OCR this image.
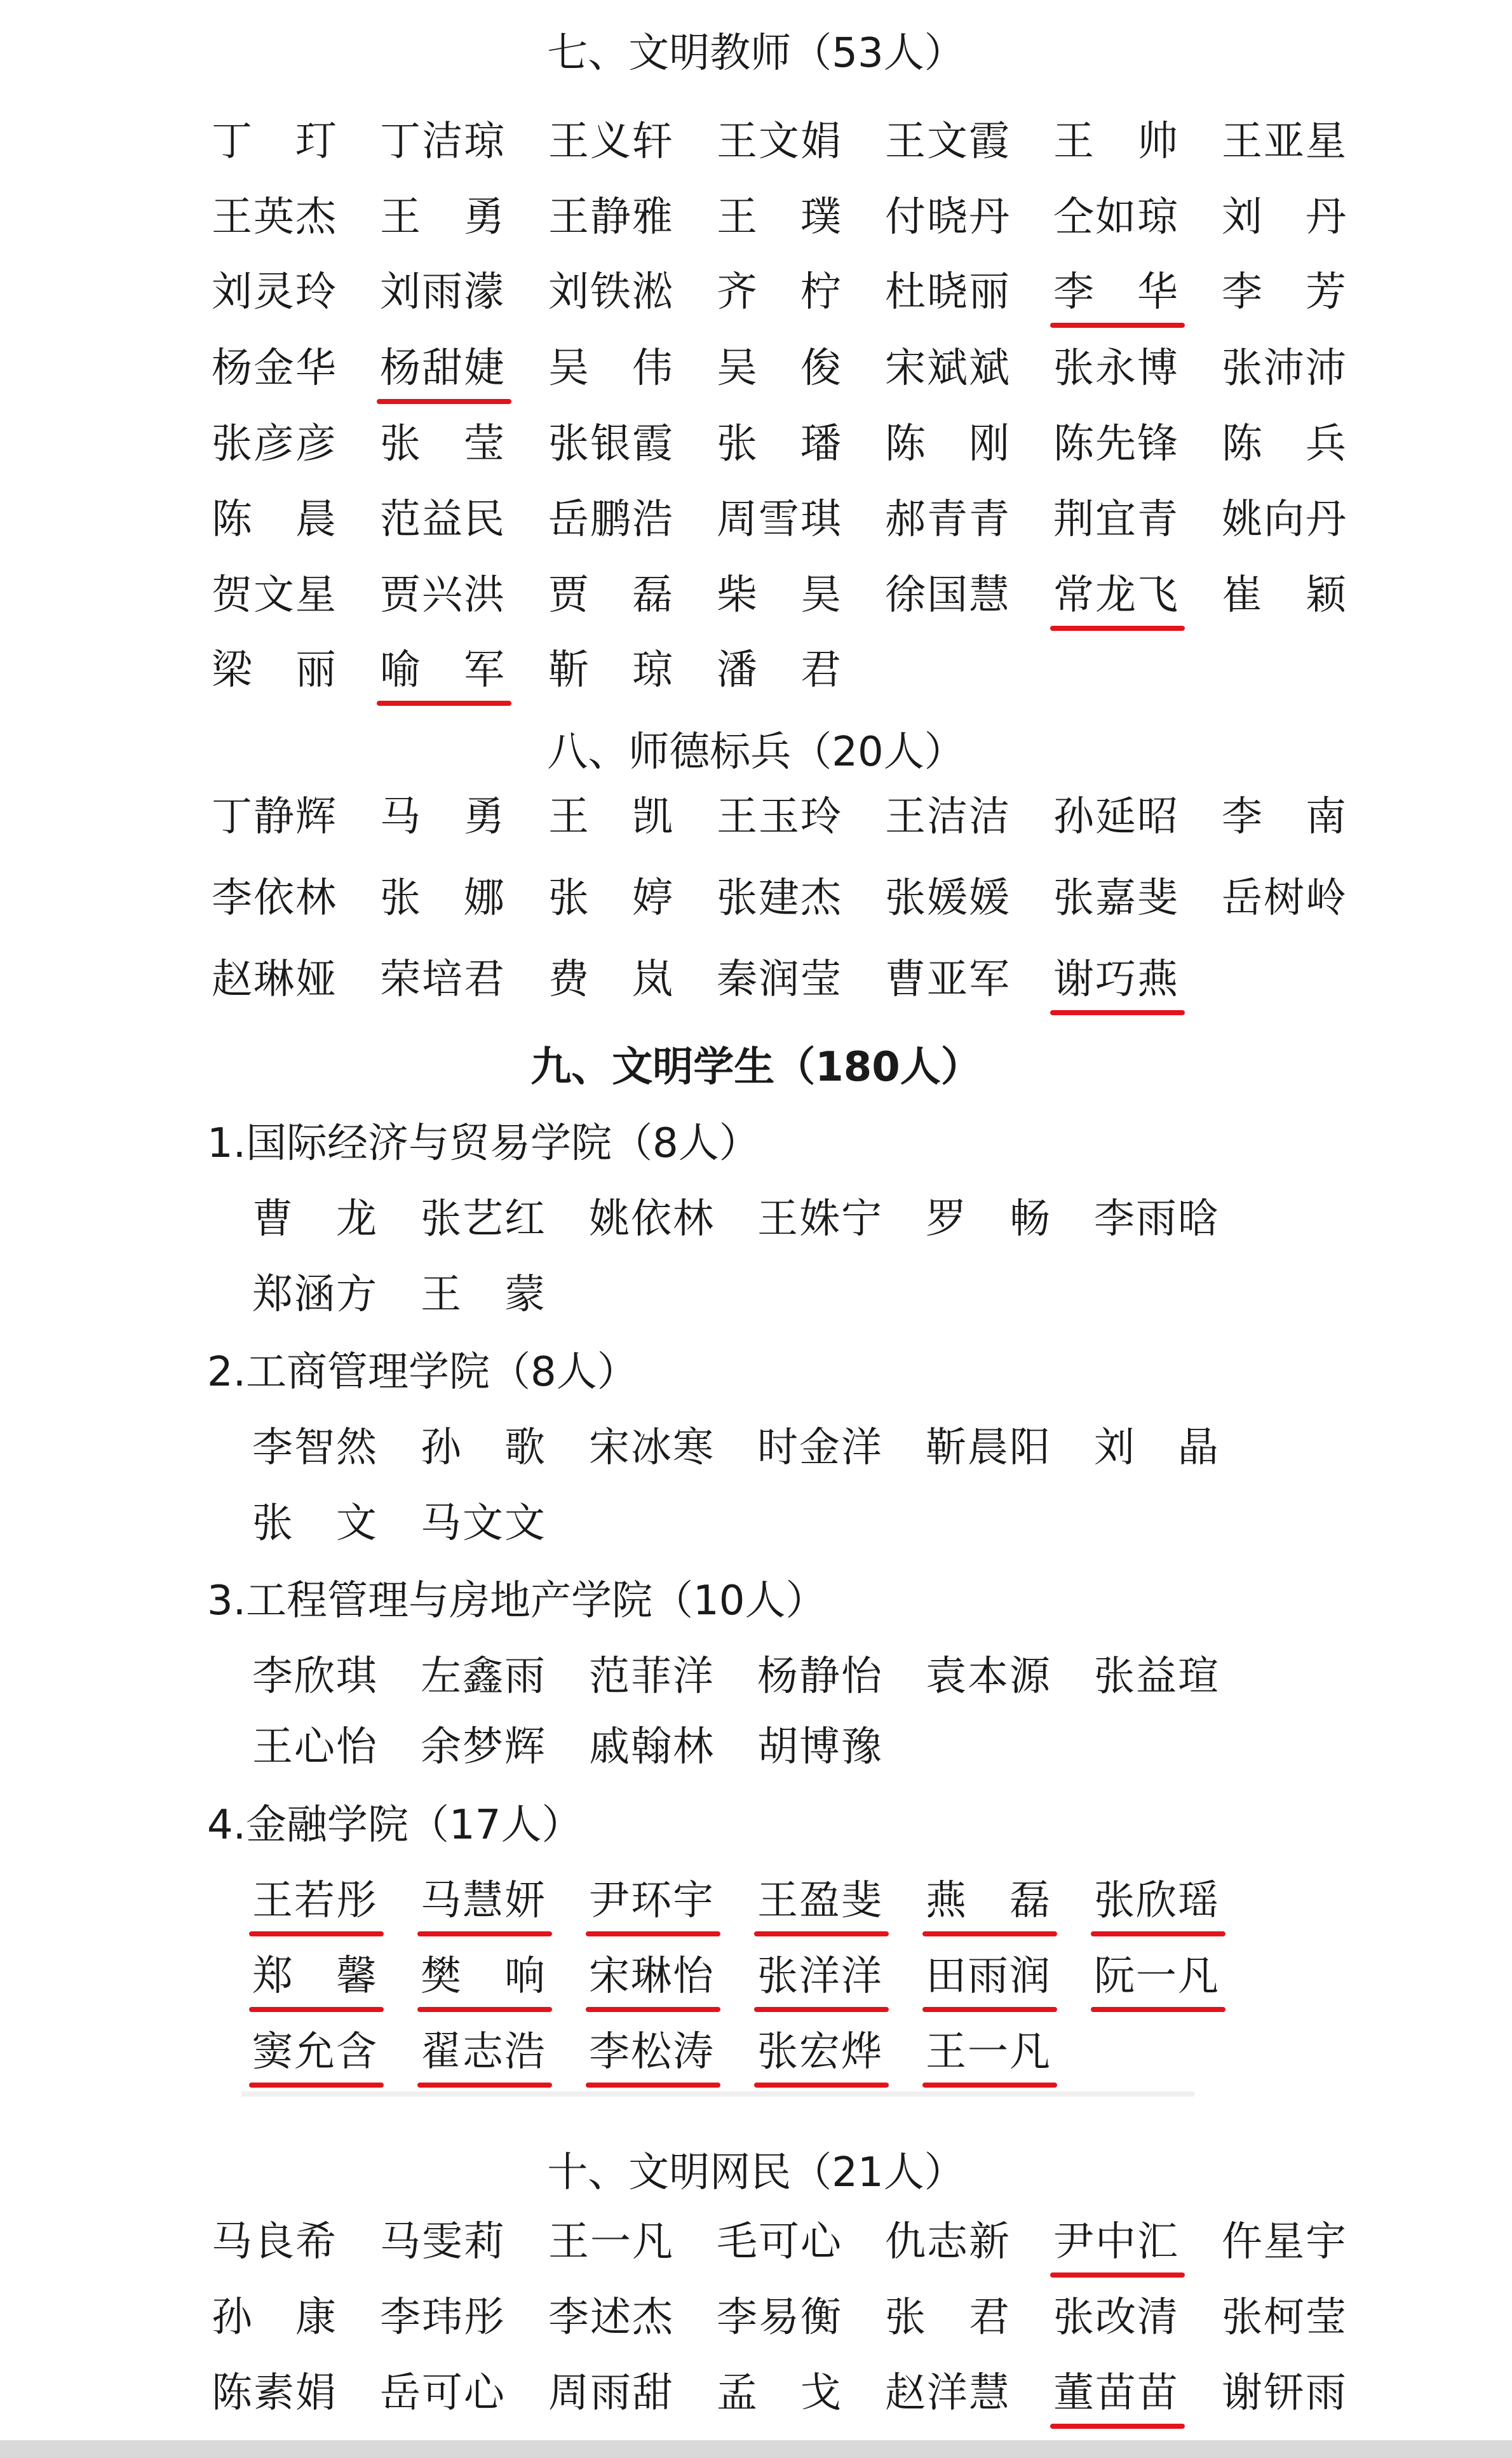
七、文明教师（53人）
丁
　 玎 丁 洁 琼 王 义 轩 王 文 娟 王 文 霞 王
　 帅 王 亚 星
王 英 杰 王
　 勇 王 静 雅 王
　 璞 付 晓 丹 仝 如 琼 刘
　 丹
刘 灵 玲 刘 雨 濛 刘 铁 淞 齐
　 柠 杜 晓 丽 李
　 华 李
　 芳
杨 金 华 杨 甜 婕 吴
　 伟 吴
　 俊 宋 斌 斌 张 永 博 张 沛 沛
张 彦 彦 张
　 莹 张 银 霞 张
　 璠 陈
　 刚 陈 先 锋 陈
　 兵
陈
　 晨 范 益 民 岳 鹏 浩 周 雪 琪 郝 青 青 荆 宜 青 姚 向 丹
贺 文 星 贾 兴 洪 贾
　 磊 柴
　 昊 徐 国 慧 常 龙 飞 崔
　 颖
梁
　 丽 喻
　 军 靳
　 琼 潘
　 君
八、师德标兵（20人）
丁 静 辉 马
　 勇 王
　 凯 王 玉 玲 王 洁 洁 孙 延 昭 李
　 南
李 依 林 张
　 娜 张
　 婷 张 建 杰 张 媛 媛 张 嘉 斐 岳 树 岭
赵 琳 娅 荣 培 君 费
　 岚 秦 润 莹 曹 亚 军 谢 巧 燕
九、文明学生（180人）
1.国际经济与贸易学院（8人）
曹
　 龙 张 艺 红 姚 依 林 王 姝 宁 罗
　 畅 李 雨 晗
郑 涵 方 王
　 蒙
2.工商管理学院（8人）
李 智 然 孙
　 歌 宋 冰 寒 时 金 洋 靳 晨 阳 刘
　 晶
张
　 文 马 文 文
3.工程管理与房地产学院（10人）
李 欣 琪 左 鑫 雨 范 菲 洋 杨 静 怡 袁 本 源 张 益 瑄
王 心 怡 余 梦 辉 戚 翰 林 胡 博 豫
4.金融学院（17人）
王 若 彤 马 慧 妍 尹 环 宇 王 盈 斐 燕
　 磊 张 欣 瑶
郑
　 馨 樊
　 响 宋 琳 怡 张 洋 洋 田 雨 润 阮 一 凡
窦 允 含 翟 志 浩 李 松 涛 张 宏 烨 王 一 凡
十、文明网民（21人）
马 良 希 马 雯 莉 王 一 凡 毛 可 心 仇 志 新 尹 中 汇 仵 星 宇
孙
　 康 李 玮 彤 李 述 杰 李 易 衡 张
　 君 张 改 清 张 柯 莹
陈 素 娟 岳 可 心 周 雨 甜 孟
　 戈 赵 洋 慧 董 苗 苗 谢 钘 雨
